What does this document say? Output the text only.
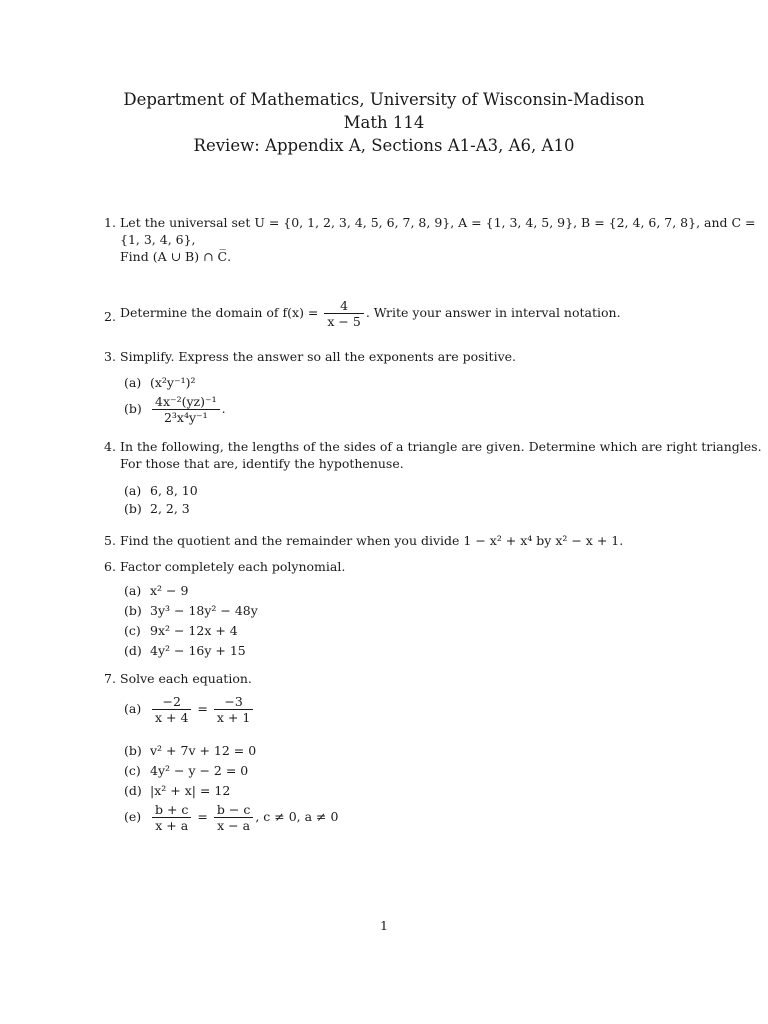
Department of Mathematics, University of Wisconsin-Madison
Math 114
Review: Appendix A, Sections A1-A3, A6, A10
1. Let the universal set U = {0, 1, 2, 3, 4, 5, 6, 7, 8, 9}, A = {1, 3, 4, 5, 9}, B = {2, 4, 6, 7, 8}, and C =
{1, 3, 4, 6},
Find (A ∪ B) ∩ C̅.
2. Determine the domain of $f(x) = \frac{4}{x - 5}$ . Write your answer in interval notation.
3. Simplify. Express the answer so all the exponents are positive.
(a) (x²y⁻¹)²
$(b) \frac{\text{4x⁻²(yz)⁻¹}}{\text{2³x⁴y⁻¹}}$ .
4. In the following, the lengths of the sides of a triangle are given. Determine which are right triangles.
For those that are, identify the hypothenuse.
(a) 6, 8, 10
(b) 2, 2, 3
5. Find the quotient and the remainder when you divide 1 − x² + x⁴ by x² − x + 1.
6. Factor completely each polynomial.
(a) x² − 9
(b) 3y³ − 18y² − 48y
(c) 9x² − 12x + 4
(d) 4y² − 16y + 15
7. Solve each equation.
$(a) \frac{-2}{x + 4} = \frac{-3}{x + 1}$
(b) v² + 7v + 12 = 0
(c) 4y² − y − 2 = 0
(d) |x² + x| = 12
$(e) \frac{b + c}{x + a} = \frac{b - c}{x - a}$ , c ≠ 0, a ≠ 0
1
